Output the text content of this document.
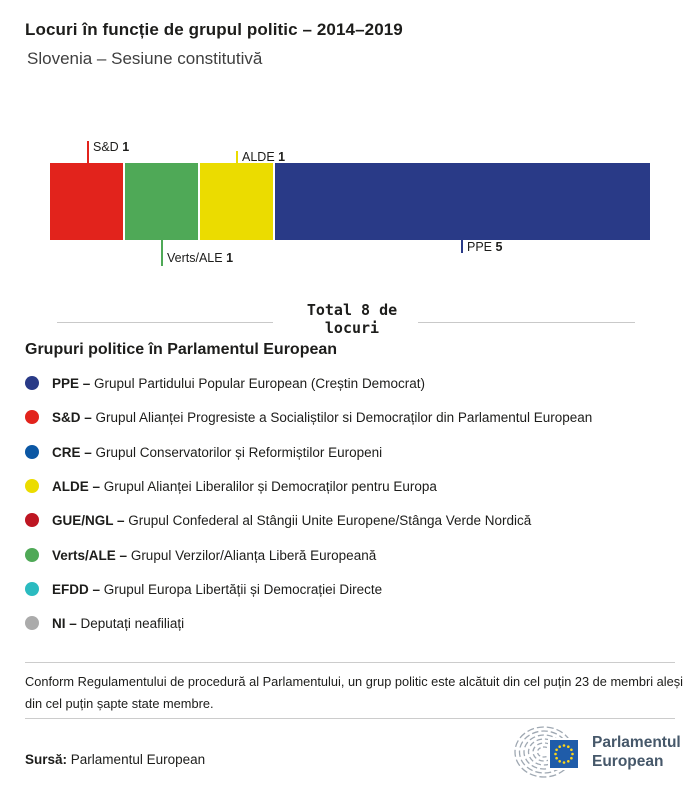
Locuri în funcție de grupul politic – 2014–2019
Slovenia – Sesiune constitutivă
S&D 1
ALDE 1
Verts/ALE 1
PPE 5
Total 8 de
locuri
Grupuri politice în Parlamentul European
PPE – Grupul Partidului Popular European (Creștin Democrat)
S&D – Grupul Alianței Progresiste a Socialiștilor si Democraților din Parlamentul European
CRE – Grupul Conservatorilor și Reformiștilor Europeni
ALDE – Grupul Alianței Liberalilor și Democraților pentru Europa
GUE/NGL – Grupul Confederal al Stângii Unite Europene/Stânga Verde Nordică
Verts/ALE – Grupul Verzilor/Alianța Liberă Europeană
EFDD – Grupul Europa Libertății și Democrației Directe
NI – Deputați neafiliați
Conform Regulamentului de procedură al Parlamentului, un grup politic este alcătuit din cel puțin 23 de membri aleși din cel puțin șapte state membre.
Sursă: Parlamentul European
Parlamentul
European
